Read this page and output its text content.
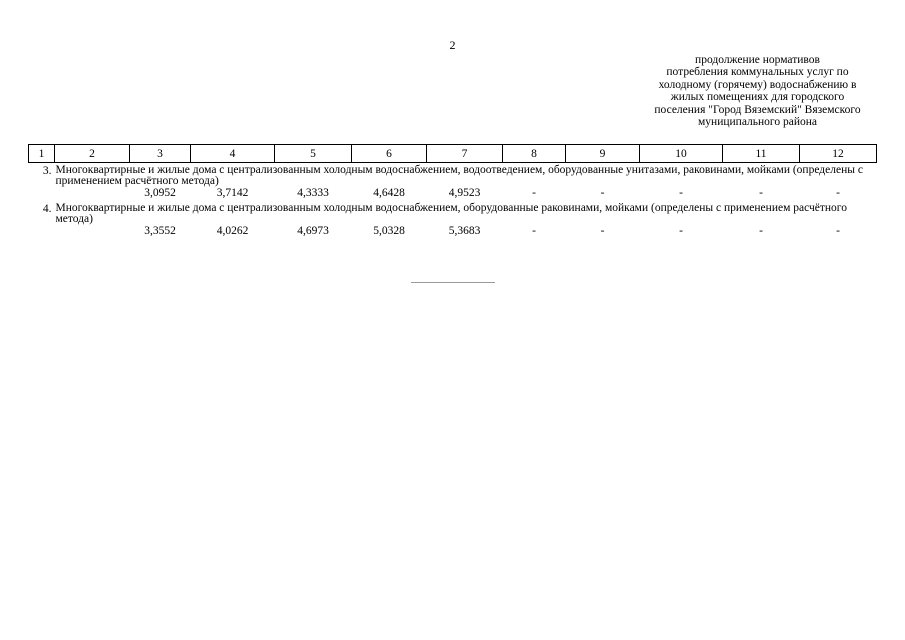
2
продолжение нормативов
потребления коммунальных услуг по
холодному (горячему) водоснабжению в
жилых помещениях для городского
поселения "Город Вяземский" Вяземского
муниципального района
1	2	3	4	5	6	7	8	9	10	11	12
3.	Многоквартирные и жилые дома с централизованным холодным водоснабжением, водоотведением, оборудованные унитазами, раковинами, мойками (определены с применением расчётного метода)										
		3,0952	3,7142	4,3333	4,6428	4,9523	-	-	-	-	-
4.	Многоквартирные и жилые дома с централизованным холодным водоснабжением, оборудованные раковинами, мойками (определены с применением расчётного метода)										
		3,3552	4,0262	4,6973	5,0328	5,3683	-	-	-	-	-
